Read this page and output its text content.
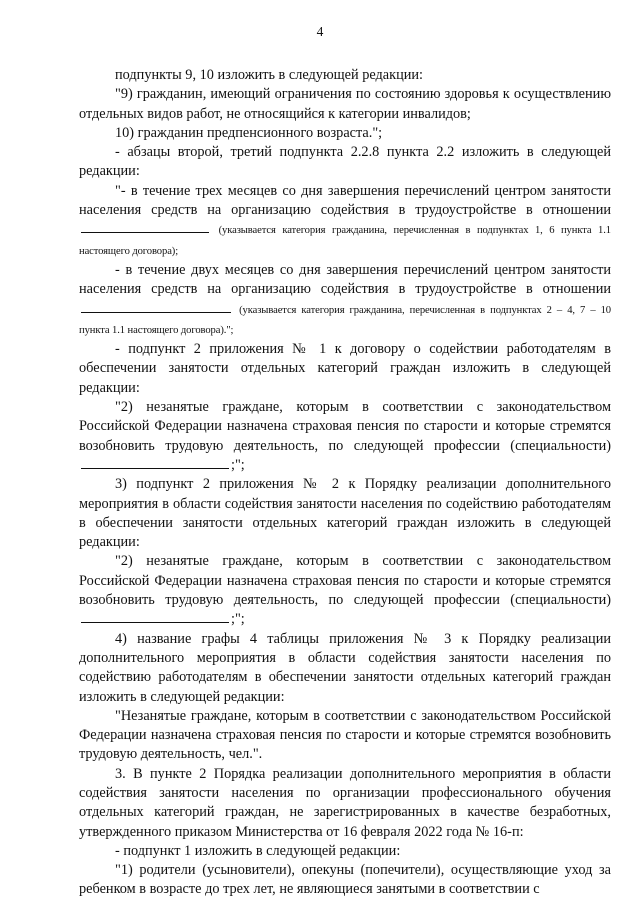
4

подпункты 9, 10 изложить в следующей редакции:

"9) гражданин, имеющий ограничения по состоянию здоровья к осуществлению отдельных видов работ, не относящийся к категории инвалидов;

10) гражданин предпенсионного возраста.";

- абзацы второй, третий подпункта 2.2.8 пункта 2.2 изложить в следующей редакции:

"- в течение трех месяцев со дня завершения перечислений центром занятости населения средств на организацию содействия в трудоустройстве в отношении  (указывается категория гражданина, перечисленная в подпунктах 1, 6 пункта 1.1 настоящего договора);

- в течение двух месяцев со дня завершения перечислений центром занятости населения средств на организацию содействия в трудоустройстве в отношении  (указывается категория гражданина, перечисленная в подпунктах 2 – 4, 7 – 10 пункта 1.1 настоящего договора).";

- подпункт 2 приложения № 1 к договору о содействии работодателям в обеспечении занятости отдельных категорий граждан изложить в следующей редакции:

"2) незанятые граждане, которым в соответствии с законодательством Российской Федерации назначена страховая пенсия по старости и которые стремятся возобновить трудовую деятельность, по следующей профессии (специальности);";

3) подпункт 2 приложения № 2 к Порядку реализации дополнительного мероприятия в области содействия занятости населения по содействию работодателям в обеспечении занятости отдельных категорий граждан изложить в следующей редакции:

"2) незанятые граждане, которым в соответствии с законодательством Российской Федерации назначена страховая пенсия по старости и которые стремятся возобновить трудовую деятельность, по следующей профессии (специальности);";

4) название графы 4 таблицы приложения № 3 к Порядку реализации дополнительного мероприятия в области содействия занятости населения по содействию работодателям в обеспечении занятости отдельных категорий граждан изложить в следующей редакции:

"Незанятые граждане, которым в соответствии с законодательством Российской Федерации назначена страховая пенсия по старости и которые стремятся возобновить трудовую деятельность, чел.".

3. В пункте 2 Порядка реализации дополнительного мероприятия в области содействия занятости населения по организации профессионального обучения отдельных категорий граждан, не зарегистрированных в качестве безработных, утвержденного приказом Министерства от 16 февраля 2022 года № 16-п:

- подпункт 1 изложить в следующей редакции:

"1) родители (усыновители), опекуны (попечители), осуществляющие уход за ребенком в возрасте до трех лет, не являющиеся занятыми в соответствии с
